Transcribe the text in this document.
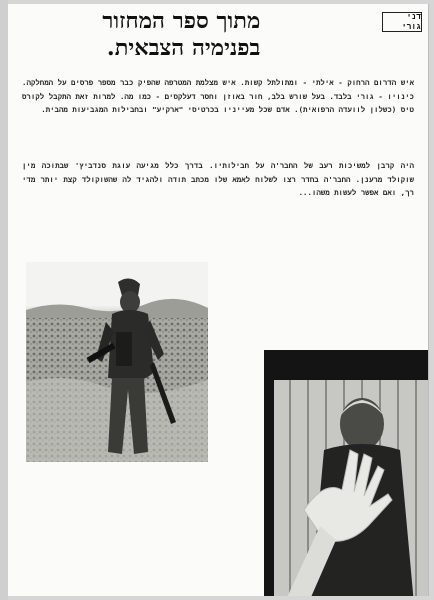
דני גורי
מתוך ספר המחזור
בפנימיה הצבאית.
איש הדרום הרחוק - אילתי - ומתולתל קשות. איש מצלמת המטרפה שהפיק כבר מספר פרסים על המחלקה. כינויו - גורי בלבד. בעל שורש בלב, חור באוזן וחסר דעלקסים - כמו מה. למרות זאת התקבל לקורס טיס (כשלון לוועדה הרפואית). אדם שכל מעייניו בכרטיסי "ארקיע" ובחבילות המגביעות מהבית.
היה קרבן למשיכות רעב של החבר'ה על חבילותיו. בדרך כלל מגיעה עוגת סנדביץ' שבתוכה מין שוקולד מרענן. החבר'ה בחדר רצו לשלוח לאמא שלו מכתב תודה ולהגיד לה שהשוקולד קצת יותר מדי רך, ואם אפשר לעשות משהו...
